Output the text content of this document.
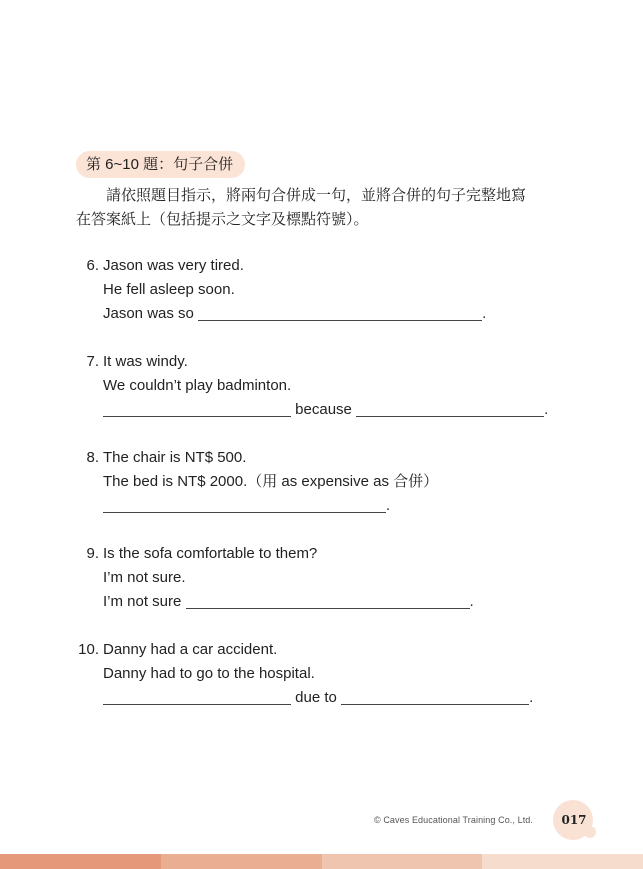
第 6~10 題：句子合併
請依照題目指示，將兩句合併成一句，並將合併的句子完整地寫
在答案紙上（包括提示之文字及標點符號）。
6. Jason was very tired.
He fell asleep soon.
Jason was so	.
7. It was windy.
We couldn’t play badminton.
because	.
8. The chair is NT$ 500.
The bed is NT$ 2000.（用 as expensive as 合併）
.
9. Is the sofa comfortable to them?
I’m not sure.
I’m not sure	.
10. Danny had a car accident.
Danny had to go to the hospital.
due to	.
© Caves Educational Training Co., Ltd. 017
